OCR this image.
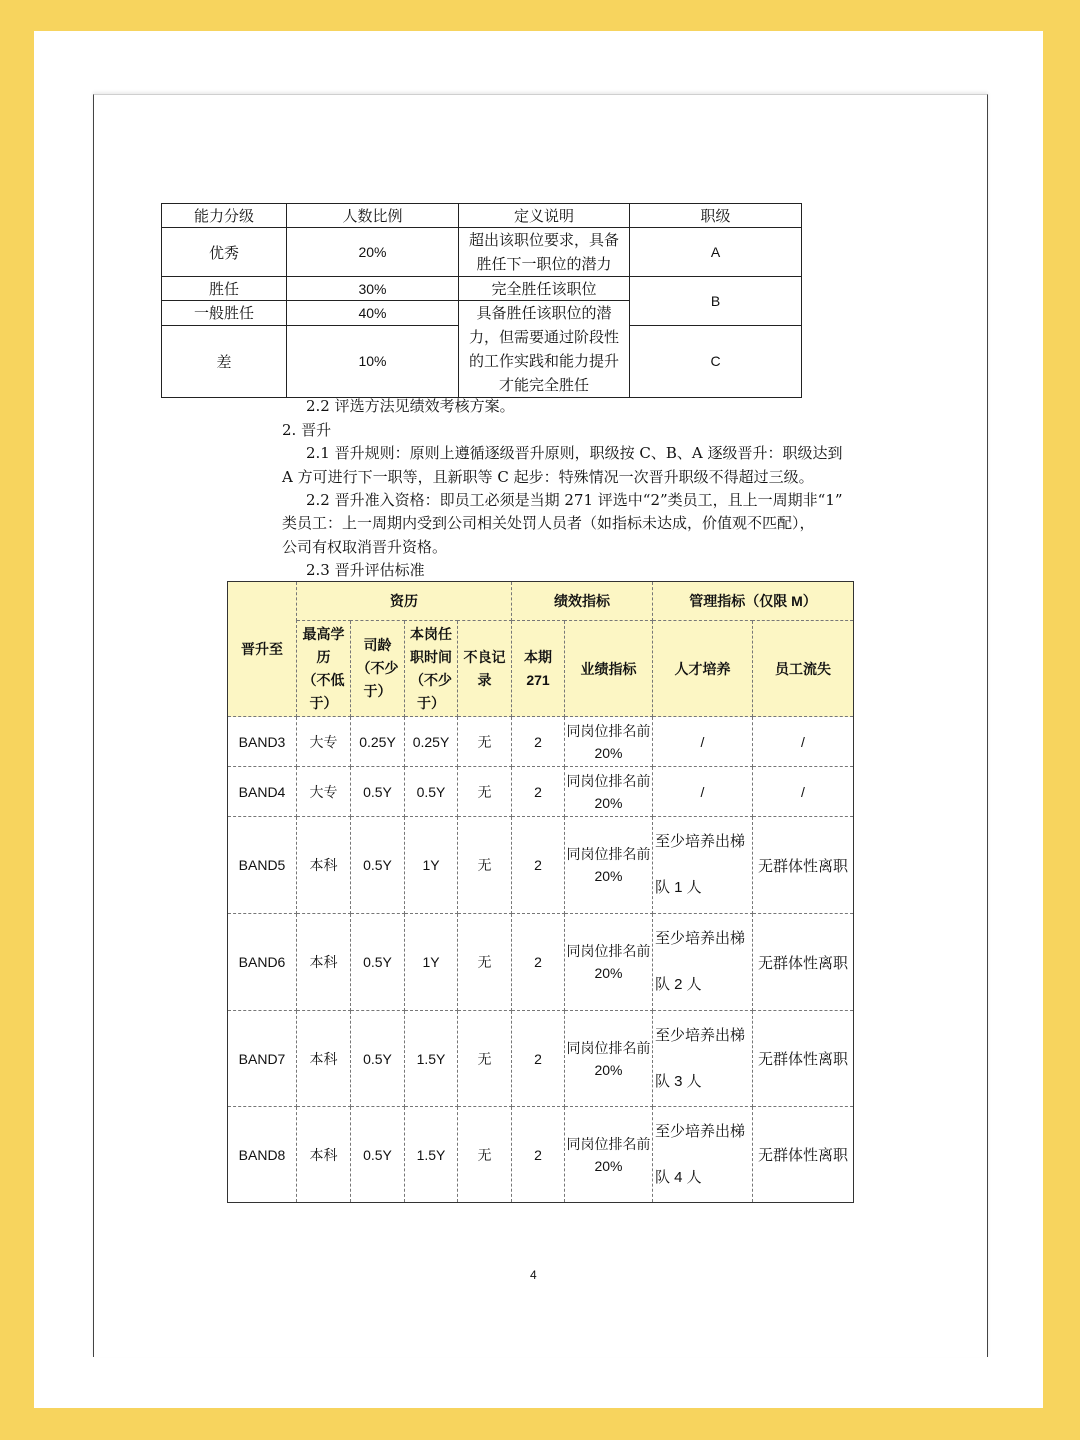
能力分级	人数比例	定义说明	职级
优秀	20%	超出该职位要求，具备胜任下一职位的潜力	A
胜任	30%	完全胜任该职位	B
一般胜任	40%	具备胜任该职位的潜力，但需要通过阶段性的工作实践和能力提升才能完全胜任	
差	10%		C
2.2 评选方法见绩效考核方案。
2. 晋升
2.1 晋升规则：原则上遵循逐级晋升原则，职级按 C、B、A 逐级晋升：职级达到
A 方可进行下一职等，且新职等 C 起步：特殊情况一次晋升职级不得超过三级。
2.2 晋升准入资格：即员工必须是当期 271 评选中“2”类员工，且上一周期非“1”
类员工：上一周期内受到公司相关处罚人员者（如指标未达成，价值观不匹配），
公司有权取消晋升资格。
2.3 晋升评估标准
晋升至	资历				绩效指标		管理指标（仅限 M）	
	最高学
历
（不低
于）	司龄
（不少
于）	本岗任
职时间
（不少
于）	不良记
录	本期
271	业绩指标	人才培养	员工流失
BAND3	大专	0.25Y	0.25Y	无	2	同岗位排名前
20%	/	/
BAND4	大专	0.5Y	0.5Y	无	2	同岗位排名前
20%	/	/
BAND5	本科	0.5Y	1Y	无	2	同岗位排名前
20%	至少培养出梯
队 1 人	无群体性离职
BAND6	本科	0.5Y	1Y	无	2	同岗位排名前
20%	至少培养出梯
队 2 人	无群体性离职
BAND7	本科	0.5Y	1.5Y	无	2	同岗位排名前
20%	至少培养出梯
队 3 人	无群体性离职
BAND8	本科	0.5Y	1.5Y	无	2	同岗位排名前
20%	至少培养出梯
队 4 人	无群体性离职
4
